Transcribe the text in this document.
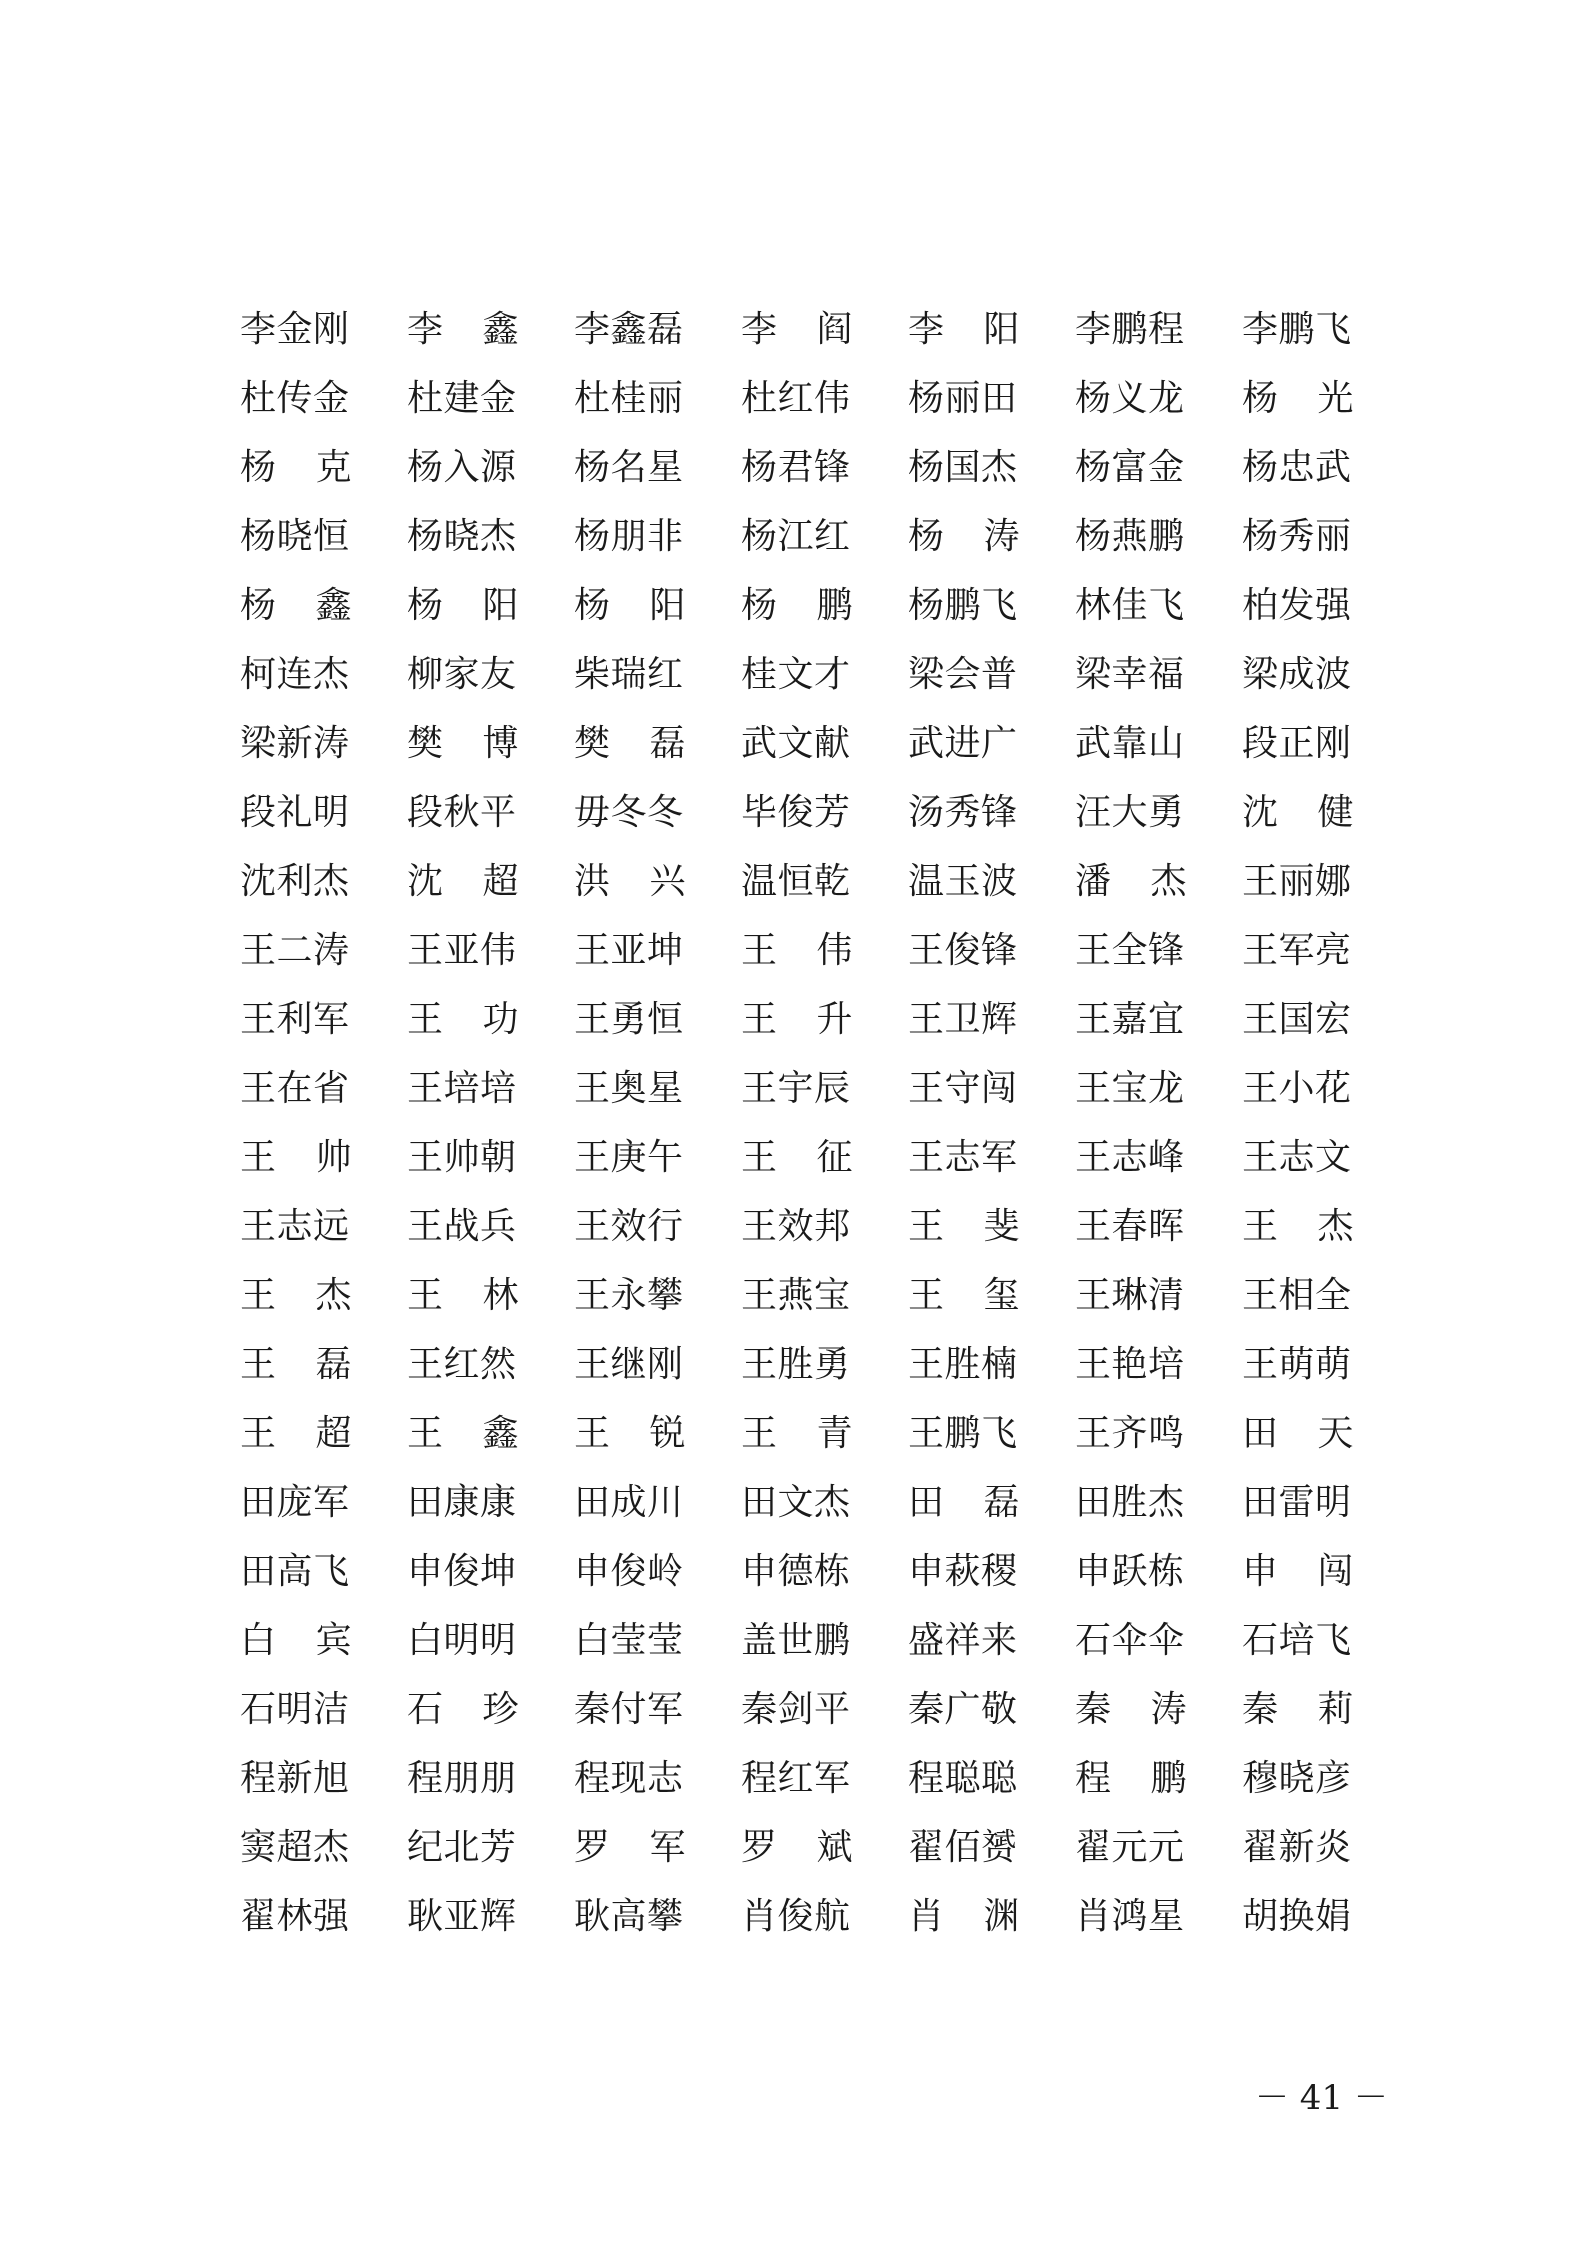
李金刚 李 鑫 李鑫磊 李 阎 李 阳 李鹏程 李鹏飞
杜传金 杜建金 杜桂丽 杜红伟 杨丽田 杨义龙 杨 光
杨 克 杨入源 杨名星 杨君锋 杨国杰 杨富金 杨忠武
杨晓恒 杨晓杰 杨朋非 杨江红 杨 涛 杨燕鹏 杨秀丽
杨 鑫 杨 阳 杨 阳 杨 鹏 杨鹏飞 林佳飞 柏发强
柯连杰 柳家友 柴瑞红 桂文才 梁会普 梁幸福 梁成波
梁新涛 樊 博 樊 磊 武文献 武进广 武靠山 段正刚
段礼明 段秋平 毋冬冬 毕俊芳 汤秀锋 汪大勇 沈 健
沈利杰 沈 超 洪 兴 温恒乾 温玉波 潘 杰 王丽娜
王二涛 王亚伟 王亚坤 王 伟 王俊锋 王全锋 王军亮
王利军 王 功 王勇恒 王 升 王卫辉 王嘉宜 王国宏
王在省 王培培 王奥星 王宇辰 王守闯 王宝龙 王小花
王 帅 王帅朝 王庚午 王 征 王志军 王志峰 王志文
王志远 王战兵 王效行 王效邦 王 斐 王春晖 王 杰
王 杰 王 林 王永攀 王燕宝 王 玺 王琳清 王相全
王 磊 王红然 王继刚 王胜勇 王胜楠 王艳培 王萌萌
王 超 王 鑫 王 锐 王 青 王鹏飞 王齐鸣 田 天
田庞军 田康康 田成川 田文杰 田 磊 田胜杰 田雷明
田高飞 申俊坤 申俊岭 申德栋 申萩稷 申跃栋 申 闯
白 宾 白明明 白莹莹 盖世鹏 盛祥来 石伞伞 石培飞
石明洁 石 珍 秦付军 秦剑平 秦广敬 秦 涛 秦 莉
程新旭 程朋朋 程现志 程红军 程聪聪 程 鹏 穆晓彦
窦超杰 纪北芳 罗 军 罗 斌 翟佰赟 翟元元 翟新炎
翟林强 耿亚辉 耿高攀 肖俊航 肖 渊 肖鸿星 胡换娟
－ 41 －
